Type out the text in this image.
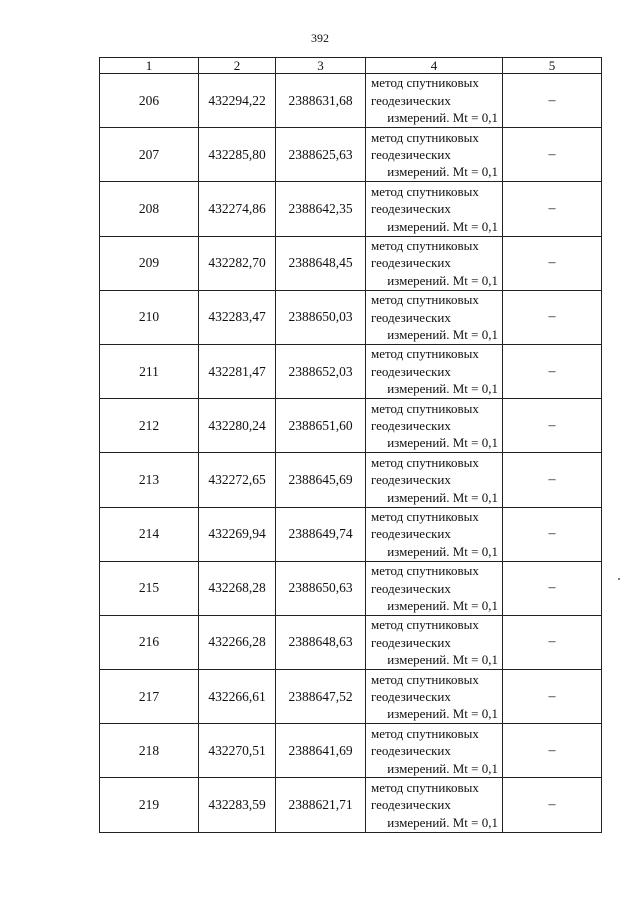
392
1	2	3	4	5
206	432294,22	2388631,68	метод спутниковых
геодезических
измерений. Mt = 0,1	–
207	432285,80	2388625,63	метод спутниковых
геодезических
измерений. Mt = 0,1	–
208	432274,86	2388642,35	метод спутниковых
геодезических
измерений. Mt = 0,1	–
209	432282,70	2388648,45	метод спутниковых
геодезических
измерений. Mt = 0,1	–
210	432283,47	2388650,03	метод спутниковых
геодезических
измерений. Mt = 0,1	–
211	432281,47	2388652,03	метод спутниковых
геодезических
измерений. Mt = 0,1	–
212	432280,24	2388651,60	метод спутниковых
геодезических
измерений. Mt = 0,1	–
213	432272,65	2388645,69	метод спутниковых
геодезических
измерений. Mt = 0,1	–
214	432269,94	2388649,74	метод спутниковых
геодезических
измерений. Mt = 0,1	–
215	432268,28	2388650,63	метод спутниковых
геодезических
измерений. Mt = 0,1	–
216	432266,28	2388648,63	метод спутниковых
геодезических
измерений. Mt = 0,1	–
217	432266,61	2388647,52	метод спутниковых
геодезических
измерений. Mt = 0,1	–
218	432270,51	2388641,69	метод спутниковых
геодезических
измерений. Mt = 0,1	–
219	432283,59	2388621,71	метод спутниковых
геодезических
измерений. Mt = 0,1	–
